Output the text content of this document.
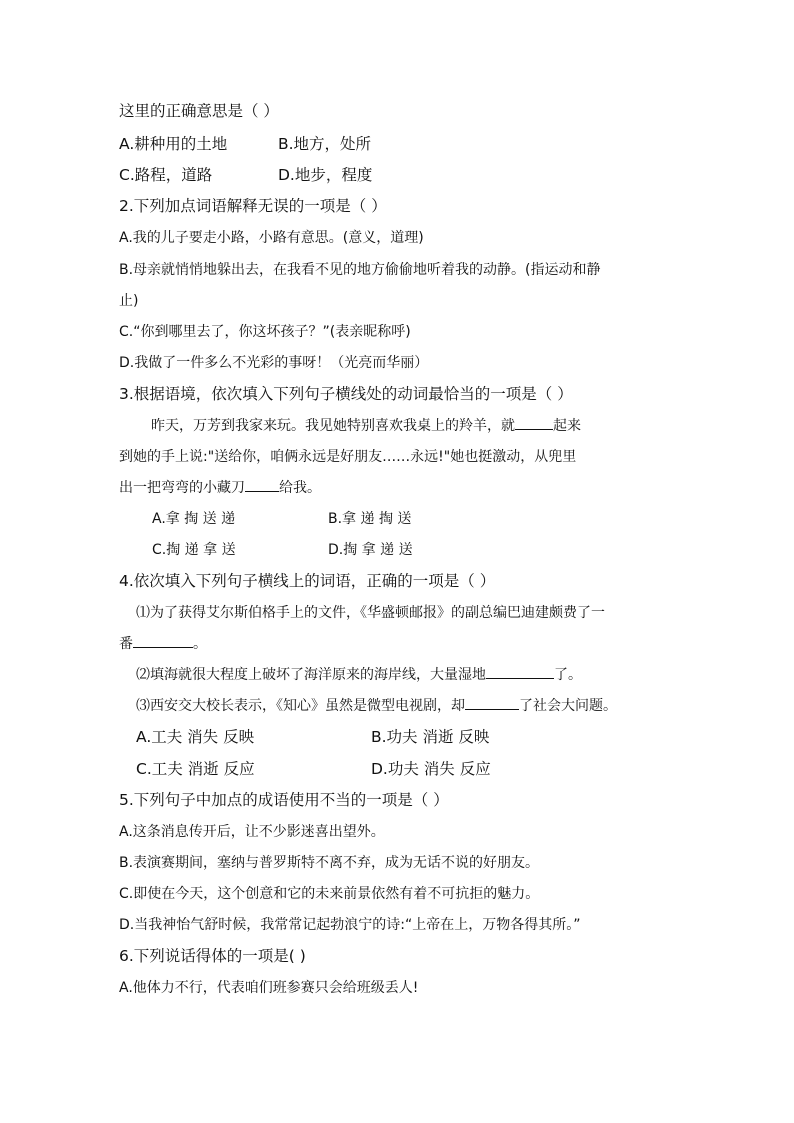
这里的正确意思是（ ）
A.耕种用的土地	B.地方，处所
C.路程，道路	D.地步，程度
2.下列加点词语解释无误的一项是（ ）
A.我的儿子要走小路，小路有意思。(意义，道理)
B.母亲就悄悄地躲出去，在我看不见的地方偷偷地听着我的动静。(指运动和静
止)
C.“你到哪里去了，你这坏孩子？”(表亲昵称呼)
D.我做了一件多么不光彩的事呀！（光亮而华丽）
3.根据语境，依次填入下列句子横线处的动词最恰当的一项是（ ）
昨天，万芳到我家来玩。我见她特别喜欢我桌上的羚羊，就	起来
到她的手上说:"送给你，咱俩永远是好朋友……永远!"她也挺激动，从兜里
出一把弯弯的小藏刀 给我。
A.拿 掏 送 递	B.拿 递 掏 送
C.掏 递 拿 送	D.掏 拿 递 送
4.依次填入下列句子横线上的词语，正确的一项是（ ）
⑴为了获得艾尔斯伯格手上的文件，《华盛顿邮报》的副总编巴迪建颇费了一
番	。
⑵填海就很大程度上破坏了海洋原来的海岸线，大量湿地	了。
⑶西安交大校长表示，《知心》虽然是微型电视剧，却	了社会大问题。
A.工夫 消失 反映	B.功夫 消逝 反映
C.工夫 消逝 反应	D.功夫 消失 反应
5.下列句子中加点的成语使用不当的一项是（ ）
A.这条消息传开后，让不少影迷喜出望外。
B.表演赛期间，塞纳与普罗斯特不离不弃，成为无话不说的好朋友。
C.即使在今天，这个创意和它的未来前景依然有着不可抗拒的魅力。
D.当我神怡气舒时候，我常常记起勃浪宁的诗:“上帝在上，万物各得其所。”
6.下列说话得体的一项是( )
A.他体力不行，代表咱们班参赛只会给班级丢人!
